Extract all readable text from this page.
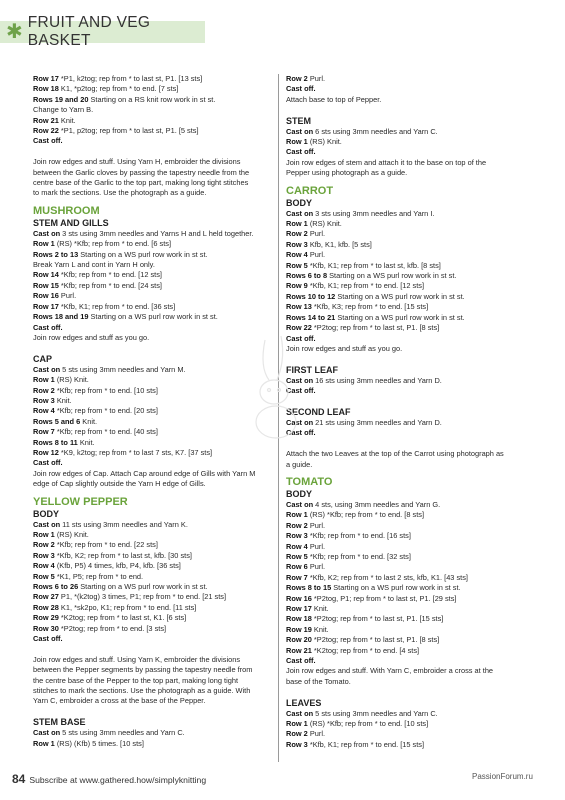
✱ FRUIT AND VEG BASKET
Row 17 *P1, k2tog; rep from * to last st, P1. [13 sts]
Row 18 K1, *p2tog; rep from * to end. [7 sts]
Rows 19 and 20 Starting on a RS knit row work in st st.
Change to Yarn B.
Row 21 Knit.
Row 22 *P1, p2tog; rep from * to last st, P1. [5 sts]
Cast off.
Join row edges and stuff. Using Yarn H, embroider the divisions
between the Garlic cloves by passing the tapestry needle from the
centre base of the Garlic to the top part, making long tight stitches
to mark the sections. Use the photograph as a guide.
MUSHROOM
STEM AND GILLS
Cast on 3 sts using 3mm needles and Yarns H and L held together.
Row 1 (RS) *Kfb; rep from * to end. [6 sts]
Rows 2 to 13 Starting on a WS purl row work in st st.
Break Yarn L and cont in Yarn H only.
Row 14 *Kfb; rep from * to end. [12 sts]
Row 15 *Kfb; rep from * to end. [24 sts]
Row 16 Purl.
Row 17 *Kfb, K1; rep from * to end. [36 sts]
Rows 18 and 19 Starting on a WS purl row work in st st.
Cast off.
Join row edges and stuff as you go.
CAP
Cast on 5 sts using 3mm needles and Yarn M.
Row 1 (RS) Knit.
Row 2 *Kfb; rep from * to end. [10 sts]
Row 3 Knit.
Row 4 *Kfb; rep from * to end. [20 sts]
Rows 5 and 6 Knit.
Row 7 *Kfb; rep from * to end. [40 sts]
Rows 8 to 11 Knit.
Row 12 *K9, k2tog; rep from * to last 7 sts, K7. [37 sts]
Cast off.
Join row edges of Cap. Attach Cap around edge of Gills with Yarn M
edge of Cap slightly outside the Yarn H edge of Gills.
YELLOW PEPPER
BODY
Cast on 11 sts using 3mm needles and Yarn K.
Row 1 (RS) Knit.
Row 2 *Kfb; rep from * to end. [22 sts]
Row 3 *Kfb, K2; rep from * to last st, kfb. [30 sts]
Row 4 (Kfb, P5) 4 times, kfb, P4, kfb. [36 sts]
Row 5 *K1, P5; rep from * to end.
Rows 6 to 26 Starting on a WS purl row work in st st.
Row 27 P1, *(k2tog) 3 times, P1; rep from * to end. [21 sts]
Row 28 K1, *sk2po, K1; rep from * to end. [11 sts]
Row 29 *K2tog; rep from * to last st, K1. [6 sts]
Row 30 *P2tog; rep from * to end. [3 sts]
Cast off.
Join row edges and stuff. Using Yarn K, embroider the divisions
between the Pepper segments by passing the tapestry needle from
the centre base of the Pepper to the top part, making long tight
stitches to mark the sections. Use the photograph as a guide. With
Yarn C, embroider a cross at the base of the Pepper.
STEM BASE
Cast on 5 sts using 3mm needles and Yarn C.
Row 1 (RS) (Kfb) 5 times. [10 sts]
Row 2 Purl.
Cast off.
Attach base to top of Pepper.
STEM
Cast on 6 sts using 3mm needles and Yarn C.
Row 1 (RS) Knit.
Cast off.
Join row edges of stem and attach it to the base on top of the
Pepper using photograph as a guide.
CARROT
BODY
Cast on 3 sts using 3mm needles and Yarn I.
Row 1 (RS) Knit.
Row 2 Purl.
Row 3 Kfb, K1, kfb. [5 sts]
Row 4 Purl.
Row 5 *Kfb, K1; rep from * to last st, kfb. [8 sts]
Rows 6 to 8 Starting on a WS purl row work in st st.
Row 9 *Kfb, K1; rep from * to end. [12 sts]
Rows 10 to 12 Starting on a WS purl row work in st st.
Row 13 *Kfb, K3; rep from * to end. [15 sts]
Rows 14 to 21 Starting on a WS purl row work in st st.
Row 22 *P2tog; rep from * to last st, P1. [8 sts]
Cast off.
Join row edges and stuff as you go.
FIRST LEAF
Cast on 16 sts using 3mm needles and Yarn D.
Cast off.
SECOND LEAF
Cast on 21 sts using 3mm needles and Yarn D.
Cast off.
Attach the two Leaves at the top of the Carrot using photograph as
a guide.
TOMATO
BODY
Cast on 4 sts, using 3mm needles and Yarn G.
Row 1 (RS) *Kfb; rep from * to end. [8 sts]
Row 2 Purl.
Row 3 *Kfb; rep from * to end. [16 sts]
Row 4 Purl.
Row 5 *Kfb; rep from * to end. [32 sts]
Row 6 Purl.
Row 7 *Kfb, K2; rep from * to last 2 sts, kfb, K1. [43 sts]
Rows 8 to 15 Starting on a WS purl row work in st st.
Row 16 *P2tog, P1; rep from * to last st, P1. [29 sts]
Row 17 Knit.
Row 18 *P2tog; rep from * to last st, P1. [15 sts]
Row 19 Knit.
Row 20 *P2tog; rep from * to last st, P1. [8 sts]
Row 21 *K2tog; rep from * to end. [4 sts]
Cast off.
Join row edges and stuff. With Yarn C, embroider a cross at the
base of the Tomato.
LEAVES
Cast on 5 sts using 3mm needles and Yarn C.
Row 1 (RS) *Kfb; rep from * to end. [10 sts]
Row 2 Purl.
Row 3 *Kfb, K1; rep from * to end. [15 sts]
84 Subscribe at www.gathered.how/simplyknitting	PassionForum.ru
